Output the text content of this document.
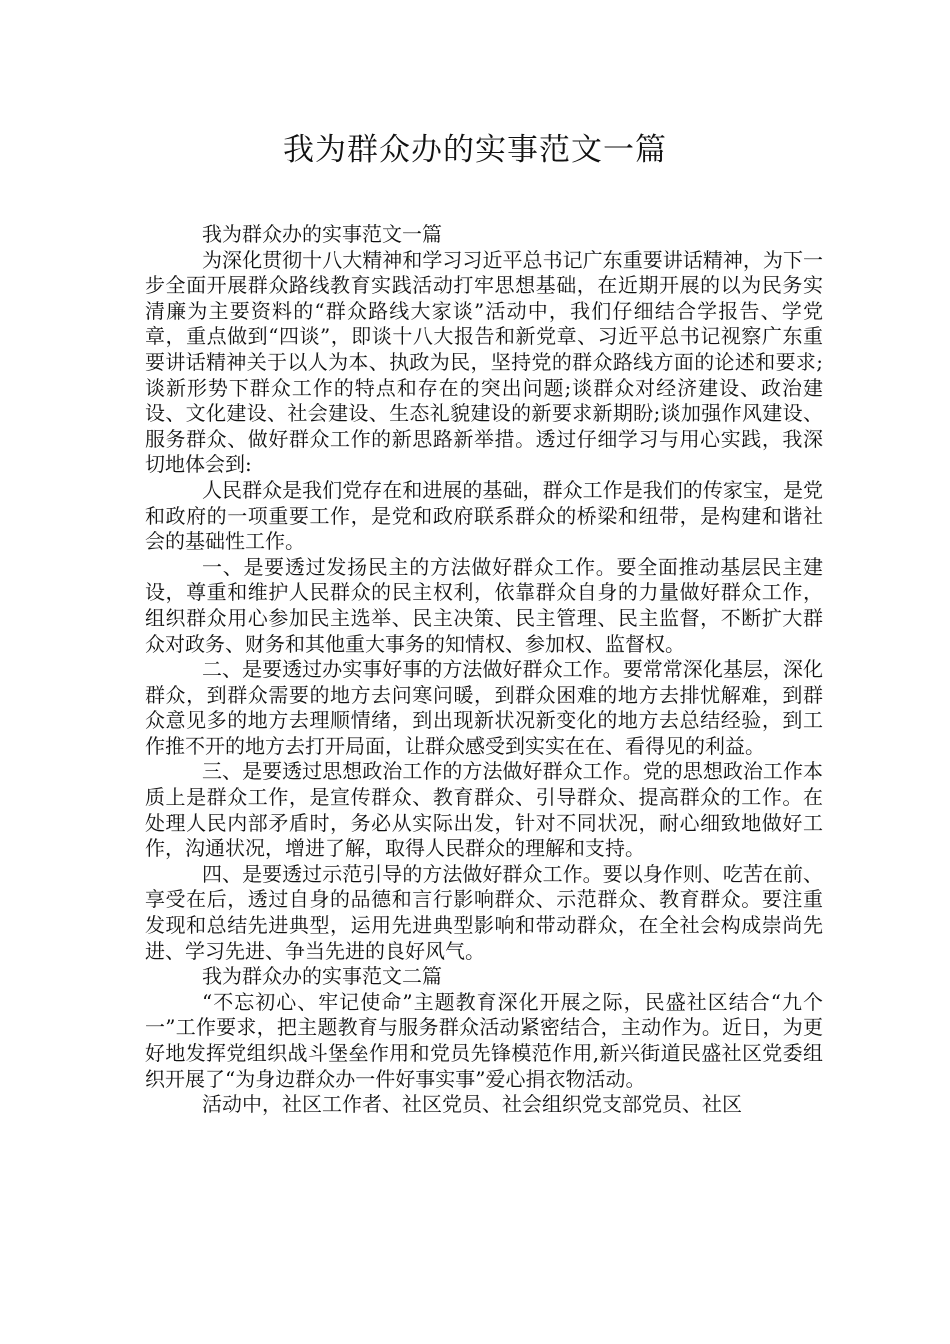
我为群众办的实事范文一篇

我为群众办的实事范文一篇

为深化贯彻十八大精神和学习习近平总书记广东重要讲话精神，为下一步全面开展群众路线教育实践活动打牢思想基础，在近期开展的以为民务实清廉为主要资料的“群众路线大家谈”活动中，我们仔细结合学报告、学党章，重点做到“四谈”，即谈十八大报告和新党章、习近平总书记视察广东重要讲话精神关于以人为本、执政为民，坚持党的群众路线方面的论述和要求;谈新形势下群众工作的特点和存在的突出问题;谈群众对经济建设、政治建设、文化建设、社会建设、生态礼貌建设的新要求新期盼;谈加强作风建设、服务群众、做好群众工作的新思路新举措。透过仔细学习与用心实践，我深切地体会到:

人民群众是我们党存在和进展的基础，群众工作是我们的传家宝，是党和政府的一项重要工作，是党和政府联系群众的桥梁和纽带，是构建和谐社会的基础性工作。

一、是要透过发扬民主的方法做好群众工作。要全面推动基层民主建设，尊重和维护人民群众的民主权利，依靠群众自身的力量做好群众工作，组织群众用心参加民主选举、民主决策、民主管理、民主监督，不断扩大群众对政务、财务和其他重大事务的知情权、参加权、监督权。

二、是要透过办实事好事的方法做好群众工作。要常常深化基层，深化群众，到群众需要的地方去问寒问暖，到群众困难的地方去排忧解难，到群众意见多的地方去理顺情绪，到出现新状况新变化的地方去总结经验，到工作推不开的地方去打开局面，让群众感受到实实在在、看得见的利益。

三、是要透过思想政治工作的方法做好群众工作。党的思想政治工作本质上是群众工作，是宣传群众、教育群众、引导群众、提高群众的工作。在处理人民内部矛盾时，务必从实际出发，针对不同状况，耐心细致地做好工作，沟通状况，增进了解，取得人民群众的理解和支持。

四、是要透过示范引导的方法做好群众工作。要以身作则、吃苦在前、享受在后，透过自身的品德和言行影响群众、示范群众、教育群众。要注重发现和总结先进典型，运用先进典型影响和带动群众，在全社会构成崇尚先进、学习先进、争当先进的良好风气。

我为群众办的实事范文二篇

“不忘初心、牢记使命”主题教育深化开展之际，民盛社区结合“九个一”工作要求，把主题教育与服务群众活动紧密结合，主动作为。近日，为更好地发挥党组织战斗堡垒作用和党员先锋模范作用,新兴街道民盛社区党委组织开展了“为身边群众办一件好事实事”爱心捐衣物活动。

活动中，社区工作者、社区党员、社会组织党支部党员、社区
